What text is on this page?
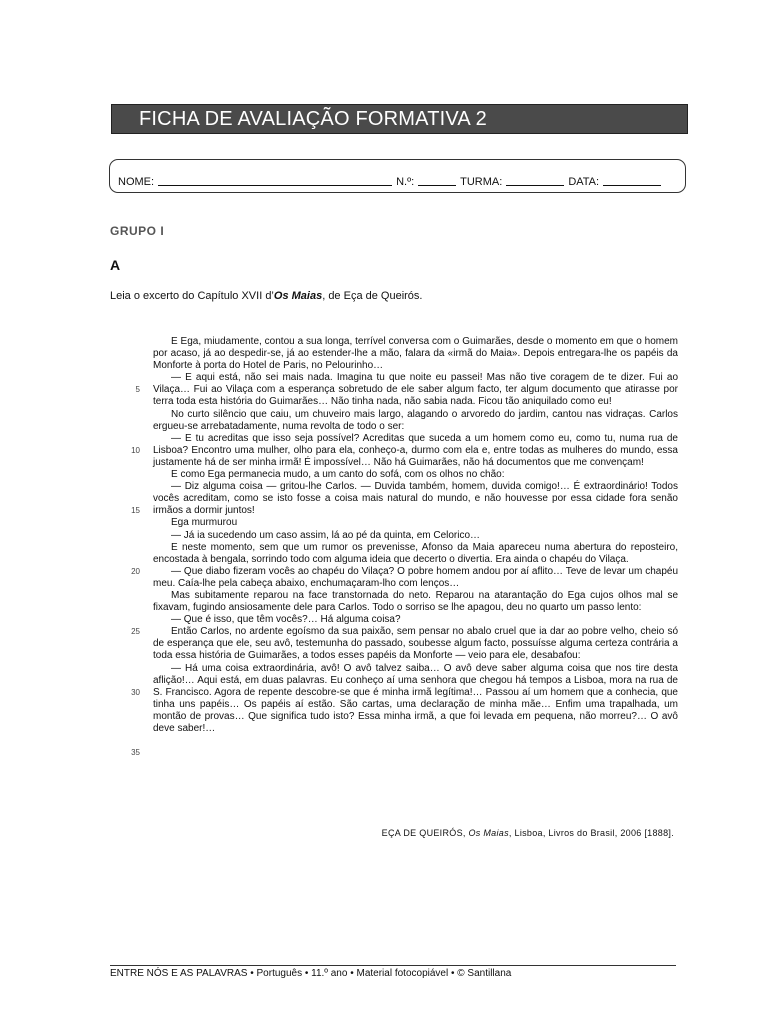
FICHA DE AVALIAÇÃO FORMATIVA 2
NOME:	N.º:	TURMA:	DATA:
GRUPO I
A
Leia o excerto do Capítulo XVII d’Os Maias, de Eça de Queirós.
5
10
15
20
25
30
35

E Ega, miudamente, contou a sua longa, terrível conversa com o Guimarães, desde o momento em que o homem por acaso, já ao despedir-se, já ao estender-lhe a mão, falara da «irmã do Maia». Depois entregara-lhe os papéis da Monforte à porta do Hotel de Paris, no Pelourinho…

— E aqui está, não sei mais nada. Imagina tu que noite eu passei! Mas não tive coragem de te dizer. Fui ao Vilaça… Fui ao Vilaça com a esperança sobretudo de ele saber algum facto, ter algum documento que atirasse por terra toda esta história do Guimarães… Não tinha nada, não sabia nada. Ficou tão aniquilado como eu!

No curto silêncio que caiu, um chuveiro mais largo, alagando o arvoredo do jardim, cantou nas vidraças. Carlos ergueu-se arrebatadamente, numa revolta de todo o ser:

— E tu acreditas que isso seja possível? Acreditas que suceda a um homem como eu, como tu, numa rua de Lisboa? Encontro uma mulher, olho para ela, conheço-a, durmo com ela e, entre todas as mulheres do mundo, essa justamente há de ser minha irmã! É impossível… Não há Guimarães, não há documentos que me convençam!

E como Ega permanecia mudo, a um canto do sofá, com os olhos no chão:

— Diz alguma coisa — gritou-lhe Carlos. — Duvida também, homem, duvida comigo!… É extraordinário! Todos vocês acreditam, como se isto fosse a coisa mais natural do mundo, e não houvesse por essa cidade fora senão irmãos a dormir juntos!

Ega murmurou

— Já ia sucedendo um caso assim, lá ao pé da quinta, em Celorico…

E neste momento, sem que um rumor os prevenisse, Afonso da Maia apareceu numa abertura do reposteiro, encostada à bengala, sorrindo todo com alguma ideia que decerto o divertia. Era ainda o chapéu do Vilaça.

— Que diabo fizeram vocês ao chapéu do Vilaça? O pobre homem andou por aí aflito… Teve de levar um chapéu meu. Caía-lhe pela cabeça abaixo, enchumaçaram-lho com lenços…

Mas subitamente reparou na face transtornada do neto. Reparou na atarantação do Ega cujos olhos mal se fixavam, fugindo ansiosamente dele para Carlos. Todo o sorriso se lhe apagou, deu no quarto um passo lento:

— Que é isso, que têm vocês?… Há alguma coisa?

Então Carlos, no ardente egoísmo da sua paixão, sem pensar no abalo cruel que ia dar ao pobre velho, cheio só de esperança que ele, seu avô, testemunha do passado, soubesse algum facto, possuísse alguma certeza contrária a toda essa história de Guimarães, a todos esses papéis da Monforte — veio para ele, desabafou:

— Há uma coisa extraordinária, avô! O avô talvez saiba… O avô deve saber alguma coisa que nos tire desta aflição!… Aqui está, em duas palavras. Eu conheço aí uma senhora que chegou há tempos a Lisboa, mora na rua de S. Francisco. Agora de repente descobre-se que é minha irmã legítima!… Passou aí um homem que a conhecia, que tinha uns papéis… Os papéis aí estão. São cartas, uma declaração de minha mãe… Enfim uma trapalhada, um montão de provas… Que significa tudo isto? Essa minha irmã, a que foi levada em pequena, não morreu?… O avô deve saber!…

EÇA DE QUEIRÓS, Os Maias, Lisboa, Livros do Brasil, 2006 [1888].
ENTRE NÓS E AS PALAVRAS • Português • 11.º ano • Material fotocopiável • © Santillana
